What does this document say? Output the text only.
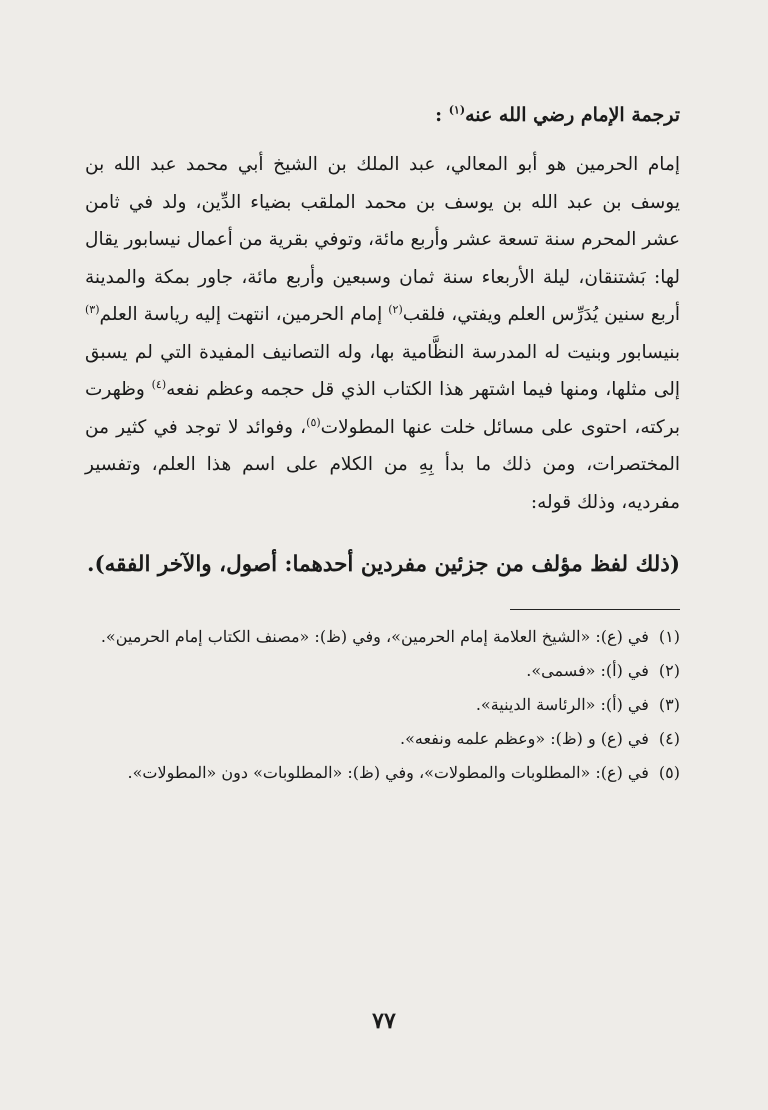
ترجمة الإمام رضي الله عنه$^{(١)}$ :

إمام الحرمين هو أبو المعالي، عبد الملك بن الشيخ أبي محمد عبد الله بن يوسف بن عبد الله بن يوسف بن محمد الملقب بضياء الدِّين، ولد في ثامن عشر المحرم سنة تسعة عشر وأربع مائة، وتوفي بقرية من أعمال نيسابور يقال لها: بَشتنقان، ليلة الأربعاء سنة ثمان وسبعين وأربع مائة، جاور بمكة والمدينة أربع سنين يُدَرِّس العلم ويفتي، فلقب$^{(٢)}$ إمام الحرمين، انتهت إليه رياسة العلم$^{(٣)}$ بنيسابور وبنيت له المدرسة النظَّامية بها، وله التصانيف المفيدة التي لم يسبق إلى مثلها، ومنها فيما اشتهر هذا الكتاب الذي قل حجمه وعظم نفعه$^{(٤)}$ وظهرت بركته، احتوى على مسائل خلت عنها المطولات$^{(٥)}$، وفوائد لا توجد في كثير من المختصرات، ومن ذلك ما بدأ بِهِ من الكلام على اسم هذا العلم، وتفسير مفرديه، وذلك قوله:

(ذلك لفظ مؤلف من جزئين مفردين أحدهما: أصول، والآخر الفقه).

(١)
في (ع): «الشيخ العلامة إمام الحرمين»، وفي (ظ): «مصنف الكتاب إمام الحرمين».
(٢)
في (أ): «فسمى».
(٣)
في (أ): «الرئاسة الدينية».
(٤)
في (ع) و (ظ): «وعظم علمه ونفعه».
(٥)
في (ع): «المطلوبات والمطولات»، وفي (ظ): «المطلوبات» دون «المطولات».
٧٧
